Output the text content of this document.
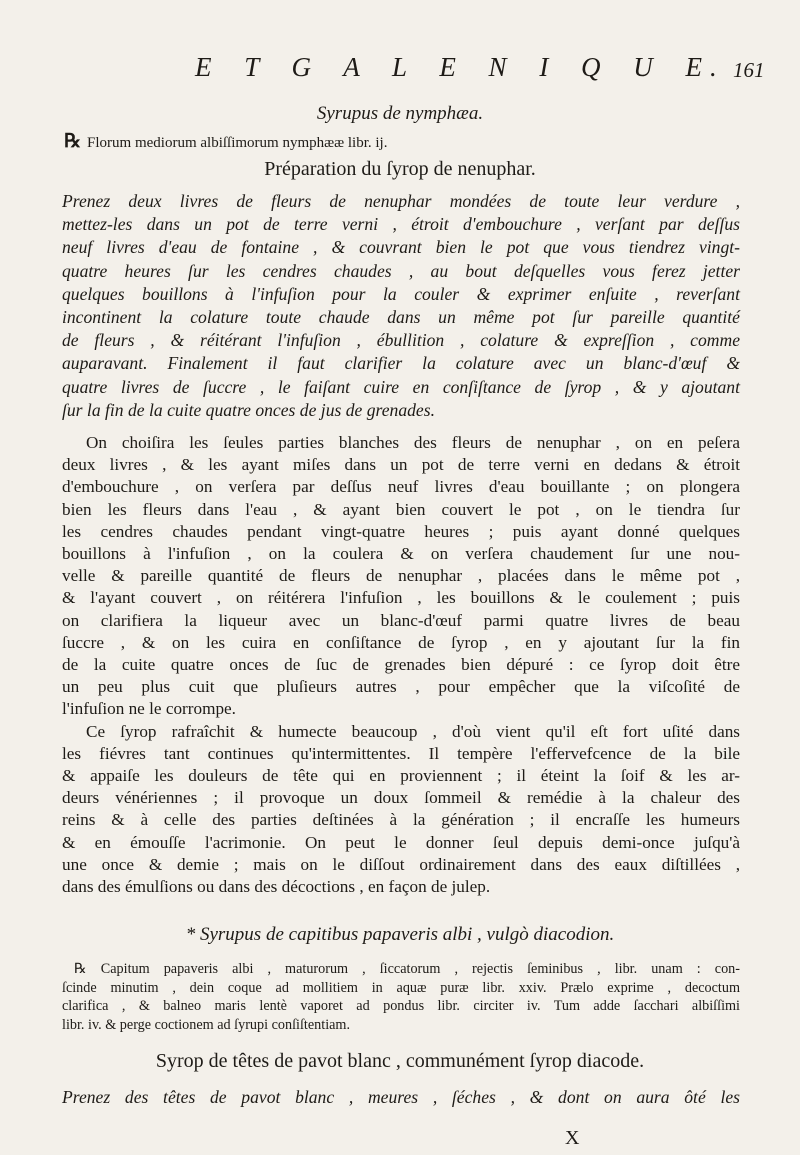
E T G A L E N I Q U E. 161
Syrupus de nymphæa.
℞ Florum mediorum albiſſimorum nymphææ libr. ij.
Préparation du ſyrop de nenuphar.
Prenez deux livres de fleurs de nenuphar mondées de toute leur verdure ,
mettez-les dans un pot de terre verni , étroit d'embouchure , verſant par deſſus
neuf livres d'eau de fontaine , & couvrant bien le pot que vous tiendrez vingt-
quatre heures ſur les cendres chaudes , au bout deſquelles vous ferez jetter
quelques bouillons à l'infuſion pour la couler & exprimer enſuite , reverſant
incontinent la colature toute chaude dans un même pot ſur pareille quantité
de fleurs , & réitérant l'infuſion , ébullition , colature & expreſſion , comme
auparavant. Finalement il faut clarifier la colature avec un blanc-d'œuf &
quatre livres de ſuccre , le faiſant cuire en conſiſtance de ſyrop , & y ajoutant
ſur la fin de la cuite quatre onces de jus de grenades.
On choiſira les ſeules parties blanches des fleurs de nenuphar , on en peſera
deux livres , & les ayant miſes dans un pot de terre verni en dedans & étroit
d'embouchure , on verſera par deſſus neuf livres d'eau bouillante ; on plongera
bien les fleurs dans l'eau , & ayant bien couvert le pot , on le tiendra ſur
les cendres chaudes pendant vingt-quatre heures ; puis ayant donné quelques
bouillons à l'infuſion , on la coulera & on verſera chaudement ſur une nou-
velle & pareille quantité de fleurs de nenuphar , placées dans le même pot ,
& l'ayant couvert , on réitérera l'infuſion , les bouillons & le coulement ; puis
on clarifiera la liqueur avec un blanc-d'œuf parmi quatre livres de beau
ſuccre , & on les cuira en conſiſtance de ſyrop , en y ajoutant ſur la fin
de la cuite quatre onces de ſuc de grenades bien dépuré : ce ſyrop doit être
un peu plus cuit que pluſieurs autres , pour empêcher que la viſcoſité de
l'infuſion ne le corrompe.
Ce ſyrop rafraîchit & humecte beaucoup , d'où vient qu'il eſt fort uſité dans
les fiévres tant continues qu'intermittentes. Il tempère l'effervefcence de la bile
& appaiſe les douleurs de tête qui en proviennent ; il éteint la ſoif & les ar-
deurs vénériennes ; il provoque un doux ſommeil & remédie à la chaleur des
reins & à celle des parties deſtinées à la génération ; il encraſſe les humeurs
& en émouſſe l'acrimonie. On peut le donner ſeul depuis demi-once juſqu'à
une once & demie ; mais on le diſſout ordinairement dans des eaux diſtillées ,
dans des émulſions ou dans des décoctions , en façon de julep.
* Syrupus de capitibus papaveris albi , vulgò diacodion.
℞ Capitum papaveris albi , maturorum , ſiccatorum , rejectis ſeminibus , libr. unam : con-
ſcinde minutim , dein coque ad mollitiem in aquæ puræ libr. xxiv. Prælo exprime , decoctum
clarifica , & balneo maris lentè vaporet ad pondus libr. circiter iv. Tum adde ſacchari albiſſimi
libr. iv. & perge coctionem ad ſyrupi conſiſtentiam.
Syrop de têtes de pavot blanc , communément ſyrop diacode.
Prenez des têtes de pavot blanc , meures , ſéches , & dont on aura ôté les
X
